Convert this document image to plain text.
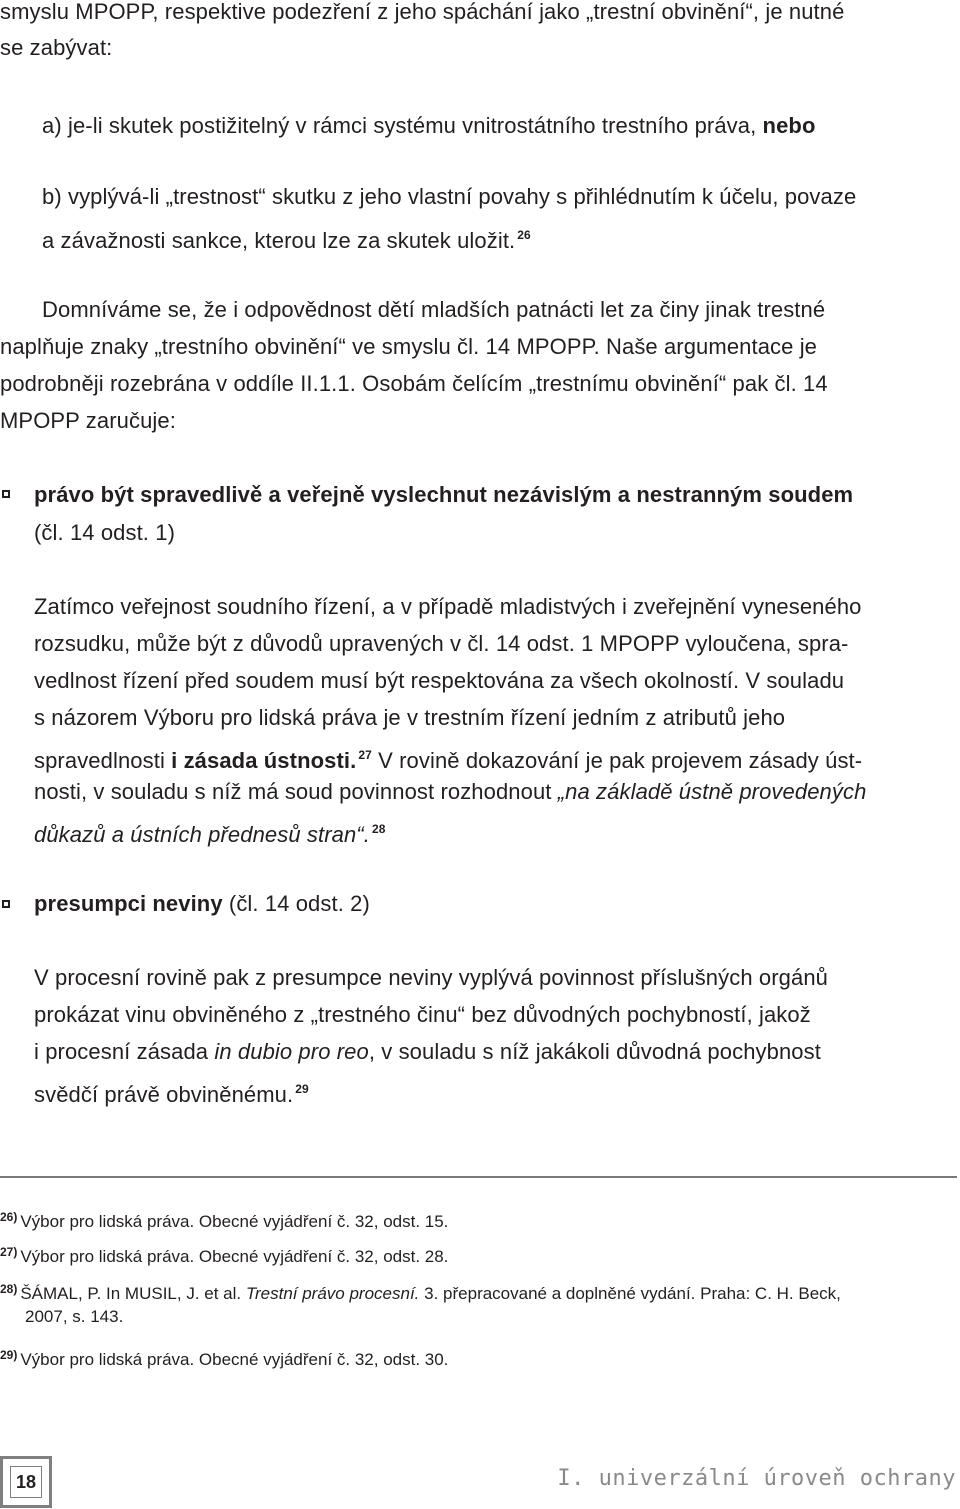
smyslu MPOPP, respektive podezření z jeho spáchání jako „trestní obvinění“, je nutné
se zabývat:
a) je-li skutek postižitelný v rámci systému vnitrostátního trestního práva, nebo
b) vyplývá-li „trestnost“ skutku z jeho vlastní povahy s přihlédnutím k účelu, povaze
a závažnosti sankce, kterou lze za skutek uložit. $^{26}$
Domníváme se, že i odpovědnost dětí mladších patnácti let za činy jinak trestné
naplňuje znaky „trestního obvinění“ ve smyslu čl. 14 MPOPP. Naše argumentace je
podrobněji rozebrána v oddíle II.1.1. Osobám čelícím „trestnímu obvinění“ pak čl. 14
MPOPP zaručuje:
právo být spravedlivě a veřejně vyslechnut nezávislým a nestranným soudem
(čl. 14 odst. 1)
Zatímco veřejnost soudního řízení, a v případě mladistvých i zveřejnění vyneseného
rozsudku, může být z důvodů upravených v čl. 14 odst. 1 MPOPP vyloučena, spra-
vedlnost řízení před soudem musí být respektována za všech okolností. V souladu
s názorem Výboru pro lidská práva je v trestním řízení jedním z atributů jeho
spravedlnosti i zásada ústnosti. $^{27}$ V rovině dokazování je pak projevem zásady úst-
nosti, v souladu s níž má soud povinnost rozhodnout „na základě ústně provedených
důkazů a ústních přednesů stran“. $^{28}$
presumpci neviny (čl. 14 odst. 2)
V procesní rovině pak z presumpce neviny vyplývá povinnost příslušných orgánů
prokázat vinu obviněného z „trestného činu“ bez důvodných pochybností, jakož
i procesní zásada in dubio pro reo, v souladu s níž jakákoli důvodná pochybnost
svědčí právě obviněnému. $^{29}$
$^{26)}$ Výbor pro lidská práva. Obecné vyjádření č. 32, odst. 15.
$^{27)}$ Výbor pro lidská práva. Obecné vyjádření č. 32, odst. 28.
$^{28)}$ ŠÁMAL, P. In MUSIL, J. et al. Trestní právo procesní. 3. přepracované a doplněné vydání. Praha: C. H. Beck,
2007, s. 143.
$^{29)}$ Výbor pro lidská práva. Obecné vyjádření č. 32, odst. 30.
18	I. univerzální úroveň ochrany
